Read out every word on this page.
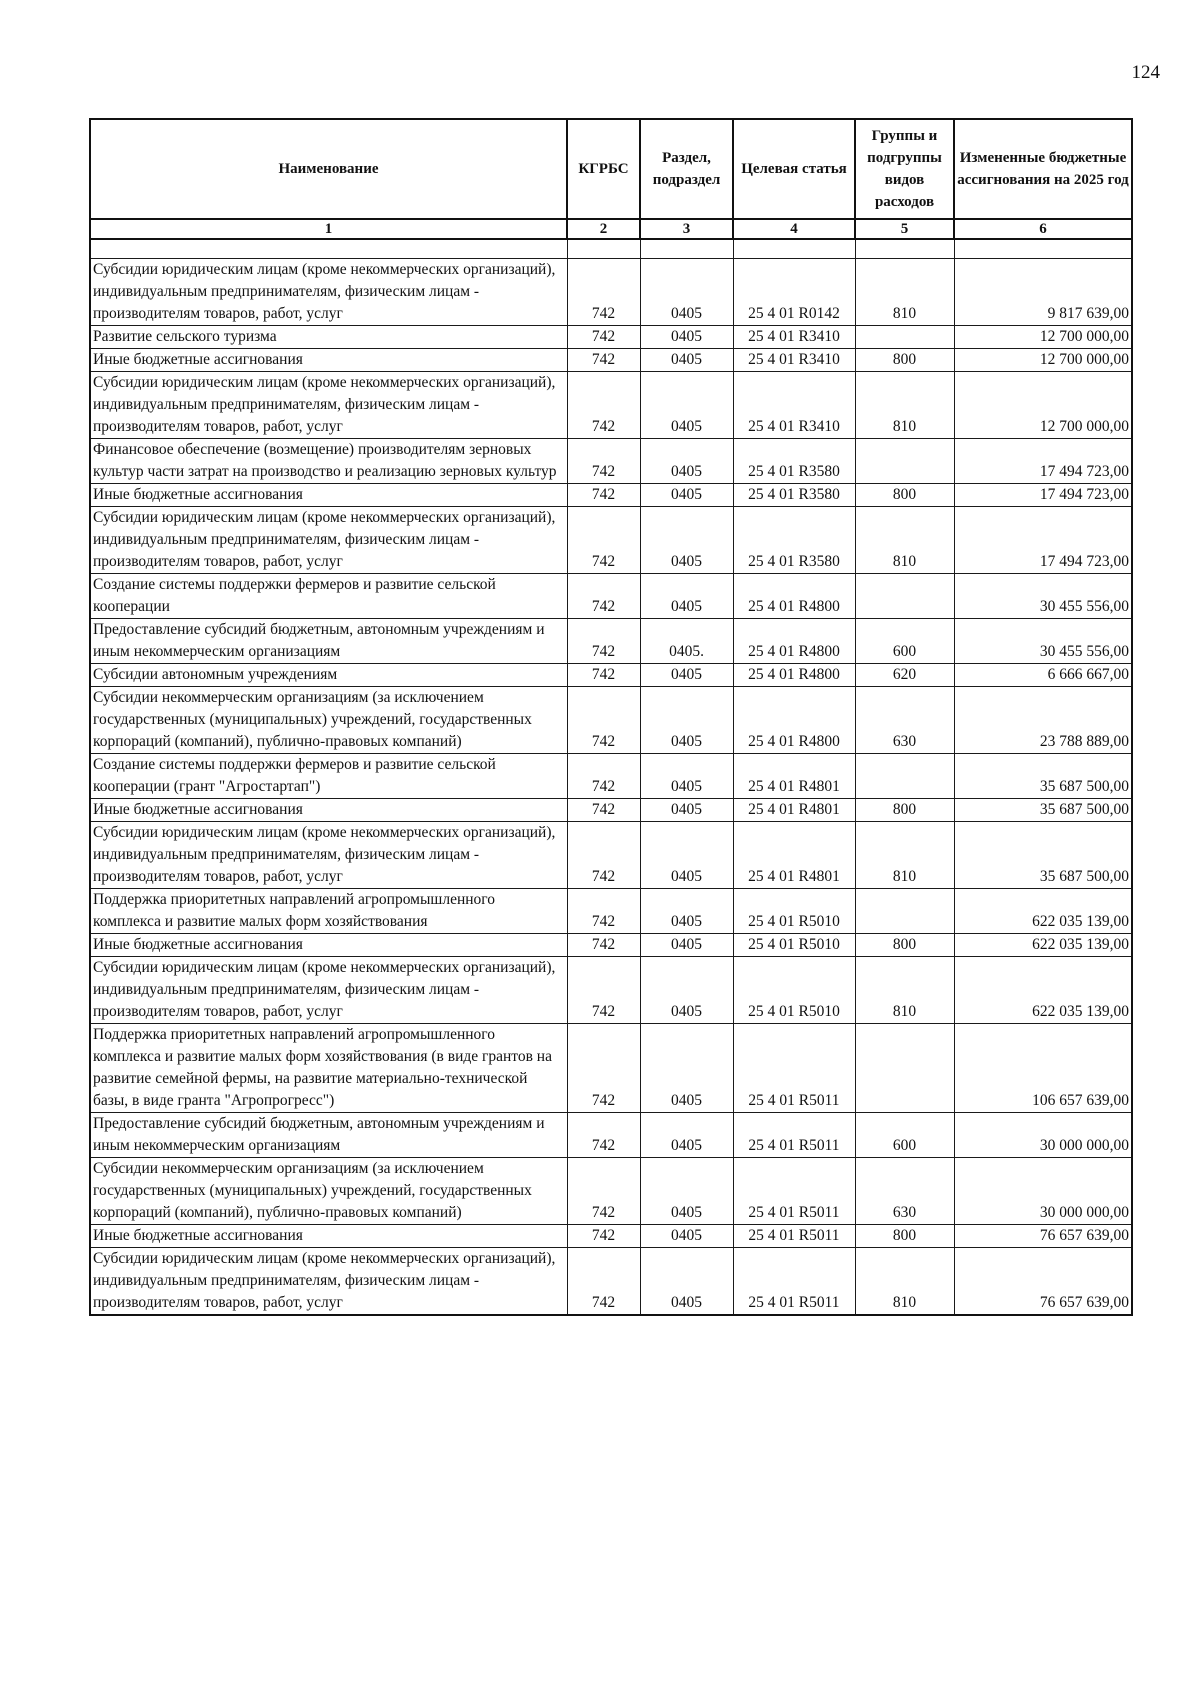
124
Наименование	КГРБС	Раздел, подраздел	Целевая статья	Группы и подгруппы видов расходов	Измененные бюджетные ассигнования на 2025 год
1	2	3	4	5	6

Субсидии юридическим лицам (кроме некоммерческих организаций), индивидуальным предпринимателям, физическим лицам - производителям товаров, работ, услуг	742	0405	25 4 01 R0142	810	9 817 639,00
Развитие сельского туризма	742	0405	25 4 01 R3410		12 700 000,00
Иные бюджетные ассигнования	742	0405	25 4 01 R3410	800	12 700 000,00
Субсидии юридическим лицам (кроме некоммерческих организаций), индивидуальным предпринимателям, физическим лицам - производителям товаров, работ, услуг	742	0405	25 4 01 R3410	810	12 700 000,00
Финансовое обеспечение (возмещение) производителям зерновых культур части затрат на производство и реализацию зерновых культур	742	0405	25 4 01 R3580		17 494 723,00
Иные бюджетные ассигнования	742	0405	25 4 01 R3580	800	17 494 723,00
Субсидии юридическим лицам (кроме некоммерческих организаций), индивидуальным предпринимателям, физическим лицам - производителям товаров, работ, услуг	742	0405	25 4 01 R3580	810	17 494 723,00
Создание системы поддержки фермеров и развитие сельской кооперации	742	0405	25 4 01 R4800		30 455 556,00
Предоставление субсидий бюджетным, автономным учреждениям и иным некоммерческим организациям	742	0405.	25 4 01 R4800	600	30 455 556,00
Субсидии автономным учреждениям	742	0405	25 4 01 R4800	620	6 666 667,00
Субсидии некоммерческим организациям (за исключением государственных (муниципальных) учреждений, государственных корпораций (компаний), публично-правовых компаний)	742	0405	25 4 01 R4800	630	23 788 889,00
Создание системы поддержки фермеров и развитие сельской кооперации (грант "Агростартап")	742	0405	25 4 01 R4801		35 687 500,00
Иные бюджетные ассигнования	742	0405	25 4 01 R4801	800	35 687 500,00
Субсидии юридическим лицам (кроме некоммерческих организаций), индивидуальным предпринимателям, физическим лицам - производителям товаров, работ, услуг	742	0405	25 4 01 R4801	810	35 687 500,00
Поддержка приоритетных направлений агропромышленного комплекса и развитие малых форм хозяйствования	742	0405	25 4 01 R5010		622 035 139,00
Иные бюджетные ассигнования	742	0405	25 4 01 R5010	800	622 035 139,00
Субсидии юридическим лицам (кроме некоммерческих организаций), индивидуальным предпринимателям, физическим лицам - производителям товаров, работ, услуг	742	0405	25 4 01 R5010	810	622 035 139,00
Поддержка приоритетных направлений агропромышленного комплекса и развитие малых форм хозяйствования (в виде грантов на развитие семейной фермы, на развитие материально-технической базы, в виде гранта "Агропрогресс")	742	0405	25 4 01 R5011		106 657 639,00
Предоставление субсидий бюджетным, автономным учреждениям и иным некоммерческим организациям	742	0405	25 4 01 R5011	600	30 000 000,00
Субсидии некоммерческим организациям (за исключением государственных (муниципальных) учреждений, государственных корпораций (компаний), публично-правовых компаний)	742	0405	25 4 01 R5011	630	30 000 000,00
Иные бюджетные ассигнования	742	0405	25 4 01 R5011	800	76 657 639,00
Субсидии юридическим лицам (кроме некоммерческих организаций), индивидуальным предпринимателям, физическим лицам - производителям товаров, работ, услуг	742	0405	25 4 01 R5011	810	76 657 639,00
